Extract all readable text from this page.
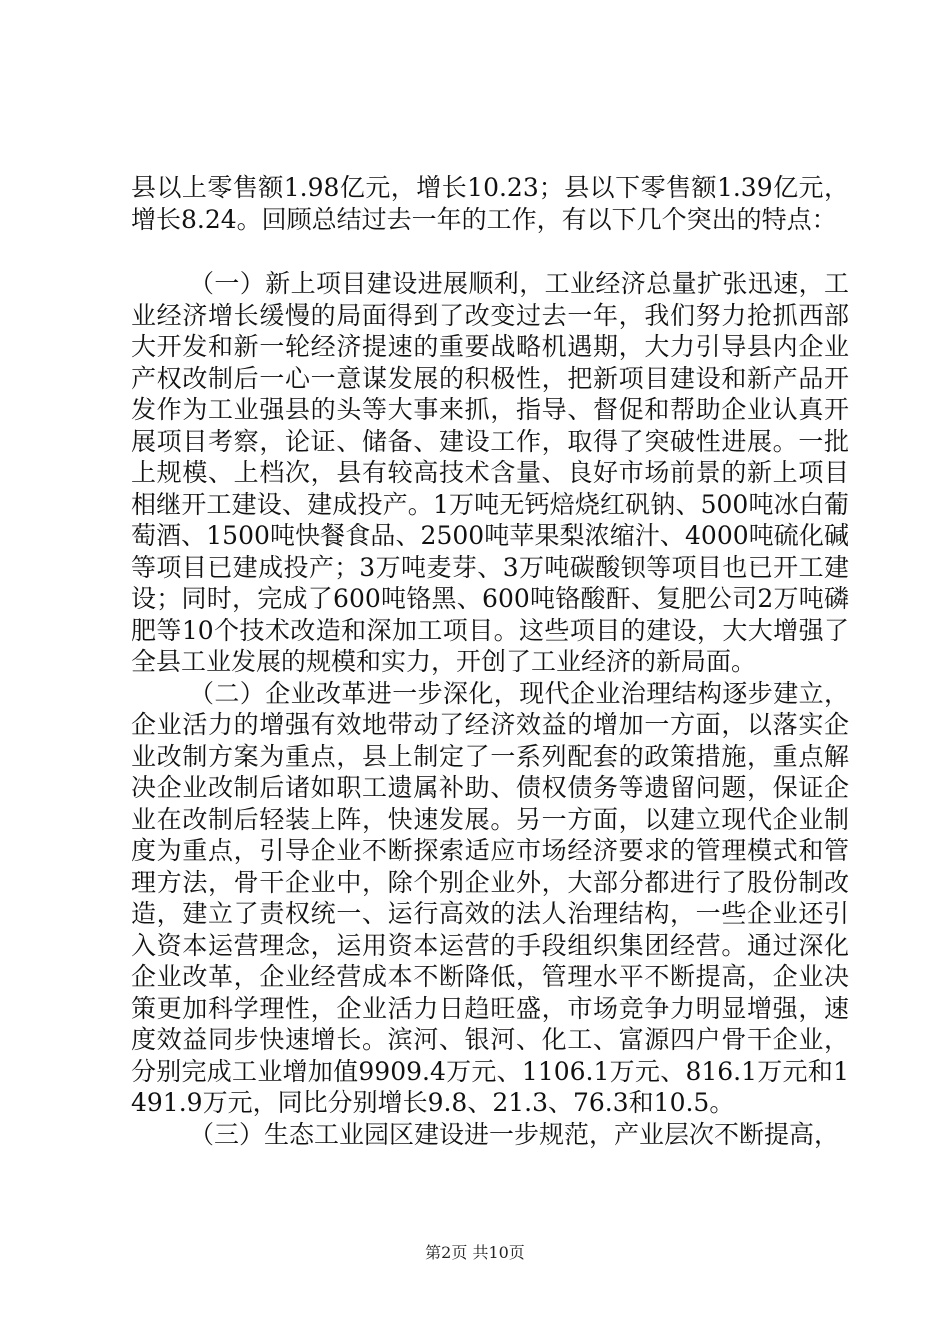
县以上零售额1.98亿元，增长10.23；县以下零售额1.39亿元，增长8.24。回顾总结过去一年的工作，有以下几个突出的特点：

（一）新上项目建设进展顺利，工业经济总量扩张迅速，工业经济增长缓慢的局面得到了改变过去一年，我们努力抢抓西部大开发和新一轮经济提速的重要战略机遇期，大力引导县内企业产权改制后一心一意谋发展的积极性，把新项目建设和新产品开发作为工业强县的头等大事来抓，指导、督促和帮助企业认真开展项目考察，论证、储备、建设工作，取得了突破性进展。一批上规模、上档次，县有较高技术含量、良好市场前景的新上项目相继开工建设、建成投产。1万吨无钙焙烧红矾钠、500吨冰白葡萄酒、1500吨快餐食品、2500吨苹果梨浓缩汁、4000吨硫化碱等项目已建成投产；3万吨麦芽、3万吨碳酸钡等项目也已开工建设；同时，完成了600吨铬黑、600吨铬酸酐、复肥公司2万吨磷肥等10个技术改造和深加工项目。这些项目的建设，大大增强了全县工业发展的规模和实力，开创了工业经济的新局面。

（二）企业改革进一步深化，现代企业治理结构逐步建立，企业活力的增强有效地带动了经济效益的增加一方面，以落实企业改制方案为重点，县上制定了一系列配套的政策措施，重点解决企业改制后诸如职工遗属补助、债权债务等遗留问题，保证企业在改制后轻装上阵，快速发展。另一方面，以建立现代企业制度为重点，引导企业不断探索适应市场经济要求的管理模式和管理方法，骨干企业中，除个别企业外，大部分都进行了股份制改造，建立了责权统一、运行高效的法人治理结构，一些企业还引入资本运营理念，运用资本运营的手段组织集团经营。通过深化企业改革，企业经营成本不断降低，管理水平不断提高，企业决策更加科学理性，企业活力日趋旺盛，市场竞争力明显增强，速度效益同步快速增长。滨河、银河、化工、富源四户骨干企业，分别完成工业增加值9909.4万元、1106.1万元、816.1万元和1491.9万元，同比分别增长9.8、21.3、76.3和10.5。

（三）生态工业园区建设进一步规范，产业层次不断提高，

第2页 共10页
